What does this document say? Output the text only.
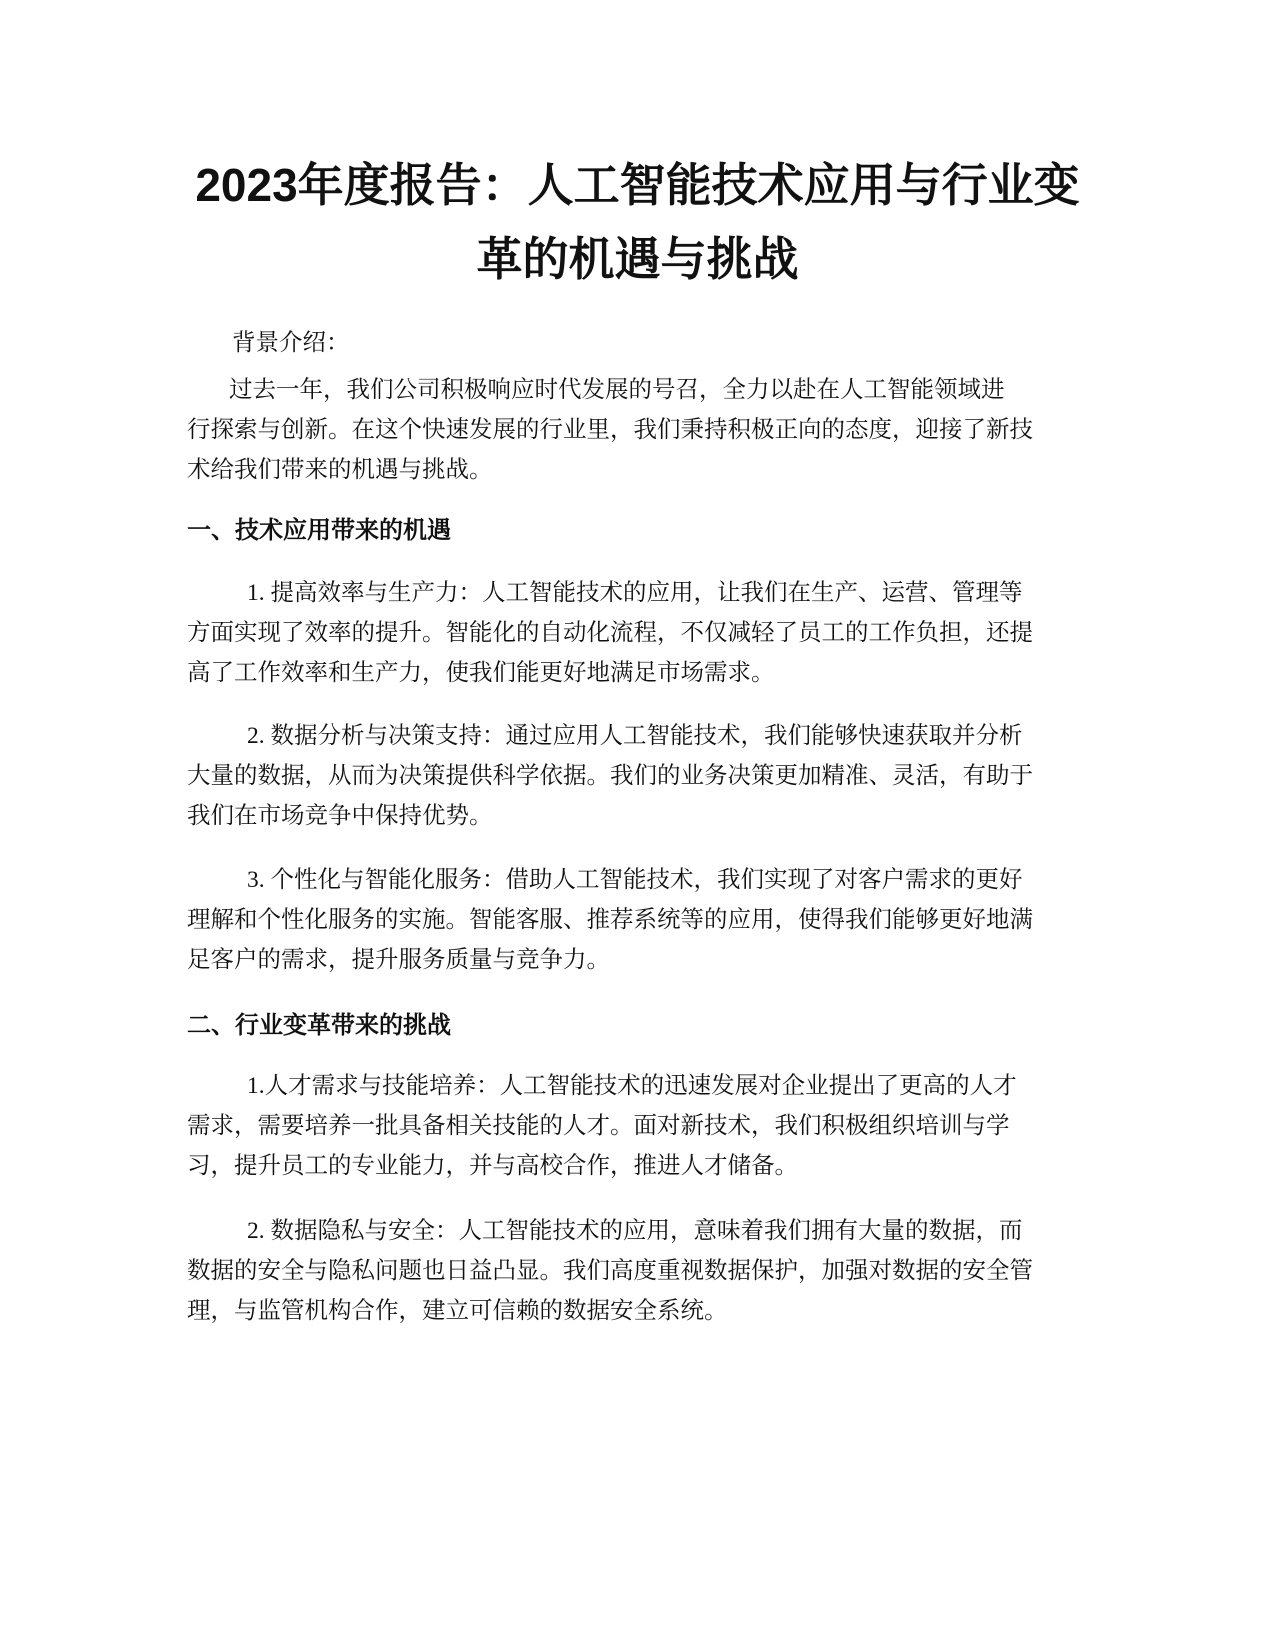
2023年度报告：人工智能技术应用与行业变
革的机遇与挑战
背景介绍：
过去一年，我们公司积极响应时代发展的号召，全力以赴在人工智能领域进
行探索与创新。在这个快速发展的行业里，我们秉持积极正向的态度，迎接了新技
术给我们带来的机遇与挑战。
一、技术应用带来的机遇
1. 提高效率与生产力：人工智能技术的应用，让我们在生产、运营、管理等
方面实现了效率的提升。智能化的自动化流程，不仅减轻了员工的工作负担，还提
高了工作效率和生产力，使我们能更好地满足市场需求。
2. 数据分析与决策支持：通过应用人工智能技术，我们能够快速获取并分析
大量的数据，从而为决策提供科学依据。我们的业务决策更加精准、灵活，有助于
我们在市场竞争中保持优势。
3. 个性化与智能化服务：借助人工智能技术，我们实现了对客户需求的更好
理解和个性化服务的实施。智能客服、推荐系统等的应用，使得我们能够更好地满
足客户的需求，提升服务质量与竞争力。
二、行业变革带来的挑战
1.人才需求与技能培养：人工智能技术的迅速发展对企业提出了更高的人才
需求，需要培养一批具备相关技能的人才。面对新技术，我们积极组织培训与学
习，提升员工的专业能力，并与高校合作，推进人才储备。
2. 数据隐私与安全：人工智能技术的应用，意味着我们拥有大量的数据，而
数据的安全与隐私问题也日益凸显。我们高度重视数据保护，加强对数据的安全管
理，与监管机构合作，建立可信赖的数据安全系统。
